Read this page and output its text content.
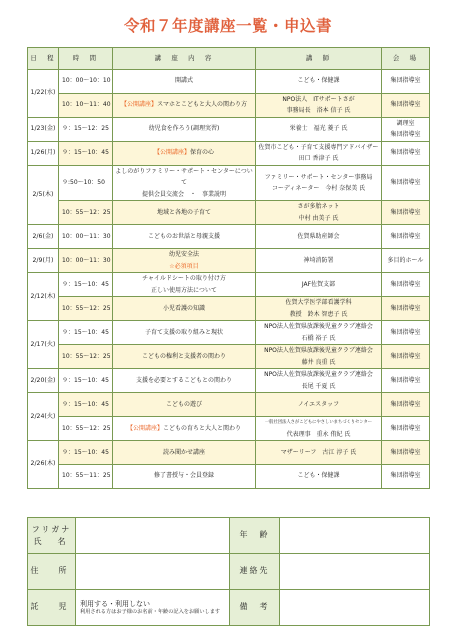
令和７年度講座一覧・申込書
日　程	時　間	講　座　内　容	講　師	会　場
1/22(水)	10：00～10：10	開講式	こども・保健課	集団指導室
	10：10～11：40	【公開講座】スマホとこどもと大人の関わり方	NPO法人　ITサポートさが
事務局長　浴本 信子 氏	集団指導室
1/23(金)	９：15～12：25	幼児食を作ろう(調理実習)	栄養士　福光 菱子 氏	調理室
集団指導室

1/26(月)	９：15～10：45	【公開講座】保育の心	佐賀市こども・子育て支援専門アドバイザー
田口 香津子 氏	集団指導室
2/5(木)	９:50～10：50	よしのがりファミリー・サポート・センターについて
提供会員交流会　・　事業説明	ファミリー・サポート・センター事務局
コーディネーター　今村 奈保美 氏	集団指導室
	10：55～12：25	地域と各地の子育て	さが多胎ネット
中村 由美子 氏	集団指導室
2/6(金)	10：00～11：30	こどものお世話と母親支援	佐賀県助産師会	集団指導室
2/9(月)	10：00～11：30	幼児安全法
☆必須項目	神埼消防署	多目的ホール
2/12(木)	９：15～10：45	チャイルドシートの取り付け方
正しい使用方法について	JAF佐賀支部	集団指導室
	10：55～12：25	小児看護の知識	佐賀大学医学部看護学科
教授　鈴木 智恵子 氏	集団指導室
2/17(火)	９：15～10：45	子育て支援の取り組みと現状	NPO法人佐賀県放課後児童クラブ連絡会
石橋 裕子 氏	集団指導室
	10：55～12：25	こどもの権利と支援者の関わり	NPO法人佐賀県放課後児童クラブ連絡会
藤井 良重 氏	集団指導室
2/20(金)	９：15～10：45	支援を必要とするこどもとの関わり	NPO法人佐賀県放課後児童クラブ連絡会
長尾 千夏 氏	集団指導室
2/24(火)	９：15～10：45	こどもの遊び	ノイエスタッフ	集団指導室
	10：55～12：25	【公開講座】こどもの育ちと大人と関わり	一般社団法人さがこどもにやさしいまちづくりセンター
代表理事　重永 侑紀 氏	集団指導室
2/26(木)	９：15～10：45	読み聞かせ講座	マザーリーフ　古江 淳子 氏	集団指導室
	10：55～11：25	修了書授与・会員登録	こども・保健課	集団指導室
フリガナ
氏　名		年　齢	
住　所		連絡先	
託　児	利用する・利用しない
利用される方はお子様のお名前・年齢の記入をお願いします	備　考	
